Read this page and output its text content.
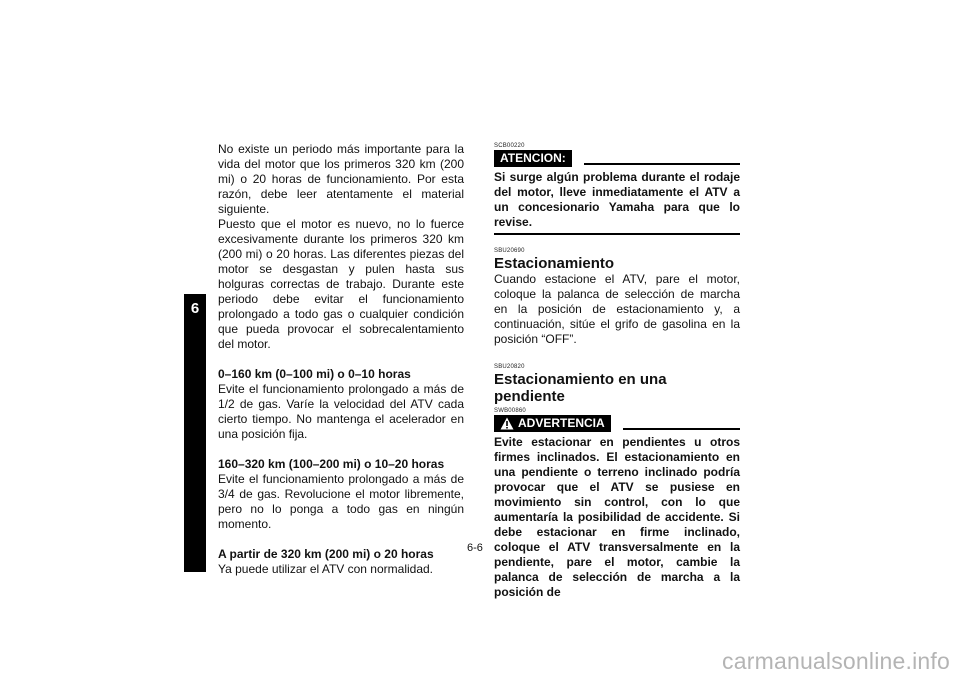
6

No existe un periodo más importante para la vida del motor que los primeros 320 km (200 mi) o 20 horas de funcionamiento. Por esta razón, debe leer atentamente el material siguiente.

Puesto que el motor es nuevo, no lo fuerce excesivamente durante los primeros 320 km (200 mi) o 20 horas. Las diferentes piezas del motor se desgastan y pulen hasta sus holguras correctas de trabajo. Durante este periodo debe evitar el funcionamiento prolongado a todo gas o cualquier condición que pueda provocar el sobrecalentamiento del motor.

0–160 km (0–100 mi) o 0–10 horas

Evite el funcionamiento prolongado a más de 1/2 de gas. Varíe la velocidad del ATV cada cierto tiempo. No mantenga el acelerador en una posición fija.

160–320 km (100–200 mi) o 10–20 horas

Evite el funcionamiento prolongado a más de 3/4 de gas. Revolucione el motor libremente, pero no lo ponga a todo gas en ningún momento.

A partir de 320 km (200 mi) o 20 horas

Ya puede utilizar el ATV con normalidad.

SCB00220

ATENCION:

Si surge algún problema durante el rodaje del motor, lleve inmediatamente el ATV a un concesionario Yamaha para que lo revise.

SBU20690

Estacionamiento

Cuando estacione el ATV, pare el motor, coloque la palanca de selección de marcha en la posición de estacionamiento y, a continuación, sitúe el grifo de gasolina en la posición “OFF”.

SBU20820

Estacionamiento en una pendiente

SWB00860

ADVERTENCIA

Evite estacionar en pendientes u otros firmes inclinados. El estacionamiento en una pendiente o terreno inclinado podría provocar que el ATV se pusiese en movimiento sin control, con lo que aumentaría la posibilidad de accidente. Si debe estacionar en firme inclinado, coloque el ATV transversalmente en la pendiente, pare el motor, cambie la palanca de selección de marcha a la posición de

6-6
carmanualsonline.info
